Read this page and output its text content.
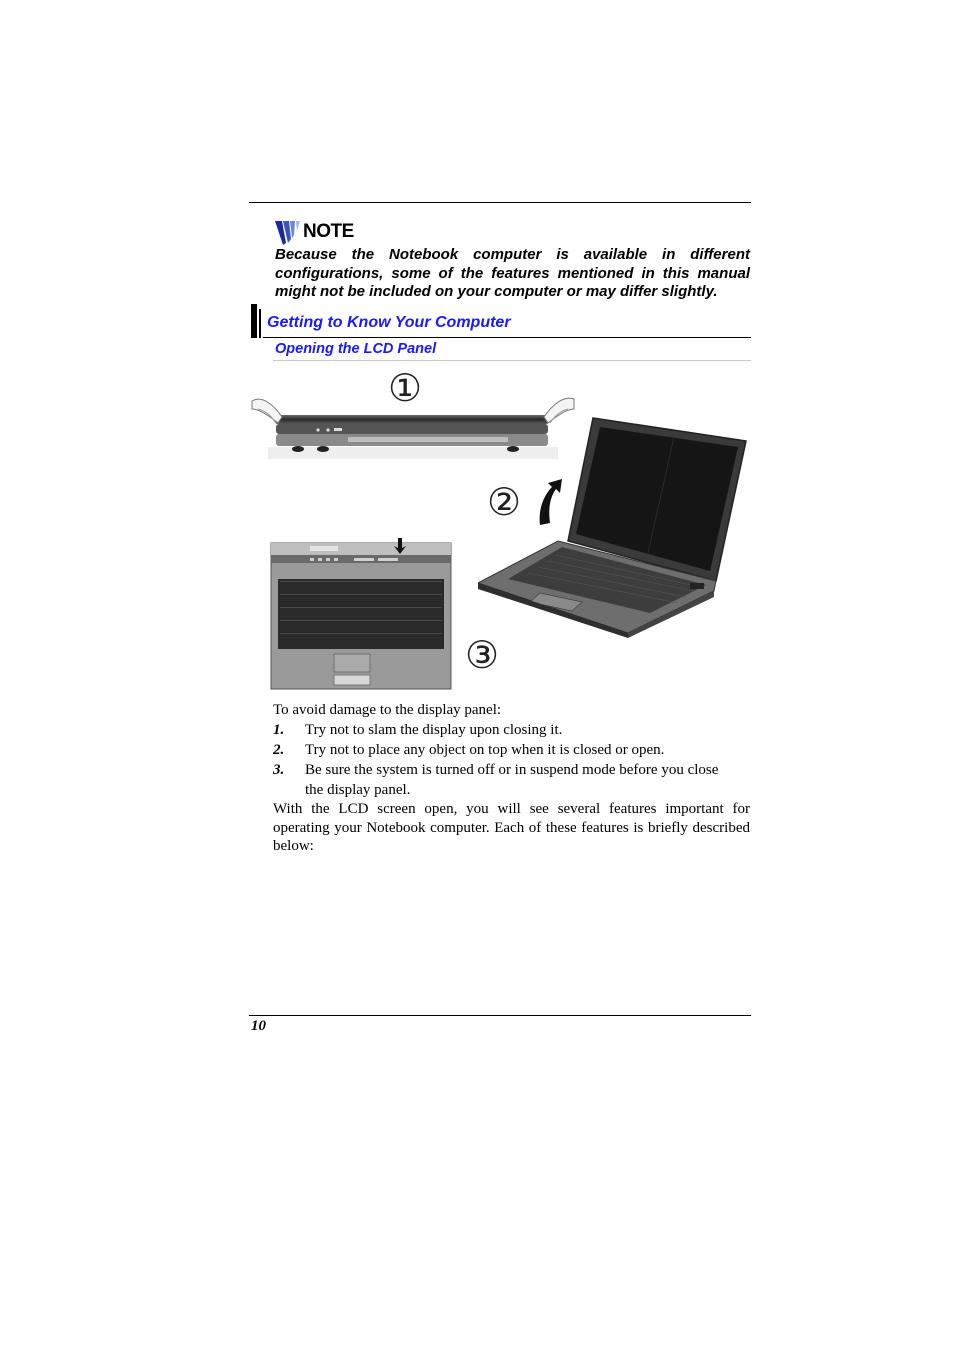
NOTE
Because the Notebook computer is available in different configurations, some of the features mentioned in this manual might not be included on your computer or may differ slightly.
Getting to Know Your Computer
Opening the LCD Panel
①
②
③
To avoid damage to the display panel:
1. Try not to slam the display upon closing it.
2. Try not to place any object on top when it is closed or open.
3. Be sure the system is turned off or in suspend mode before you close the display panel.
With the LCD screen open, you will see several features important for operating your Notebook computer. Each of these features is briefly described below:
10
